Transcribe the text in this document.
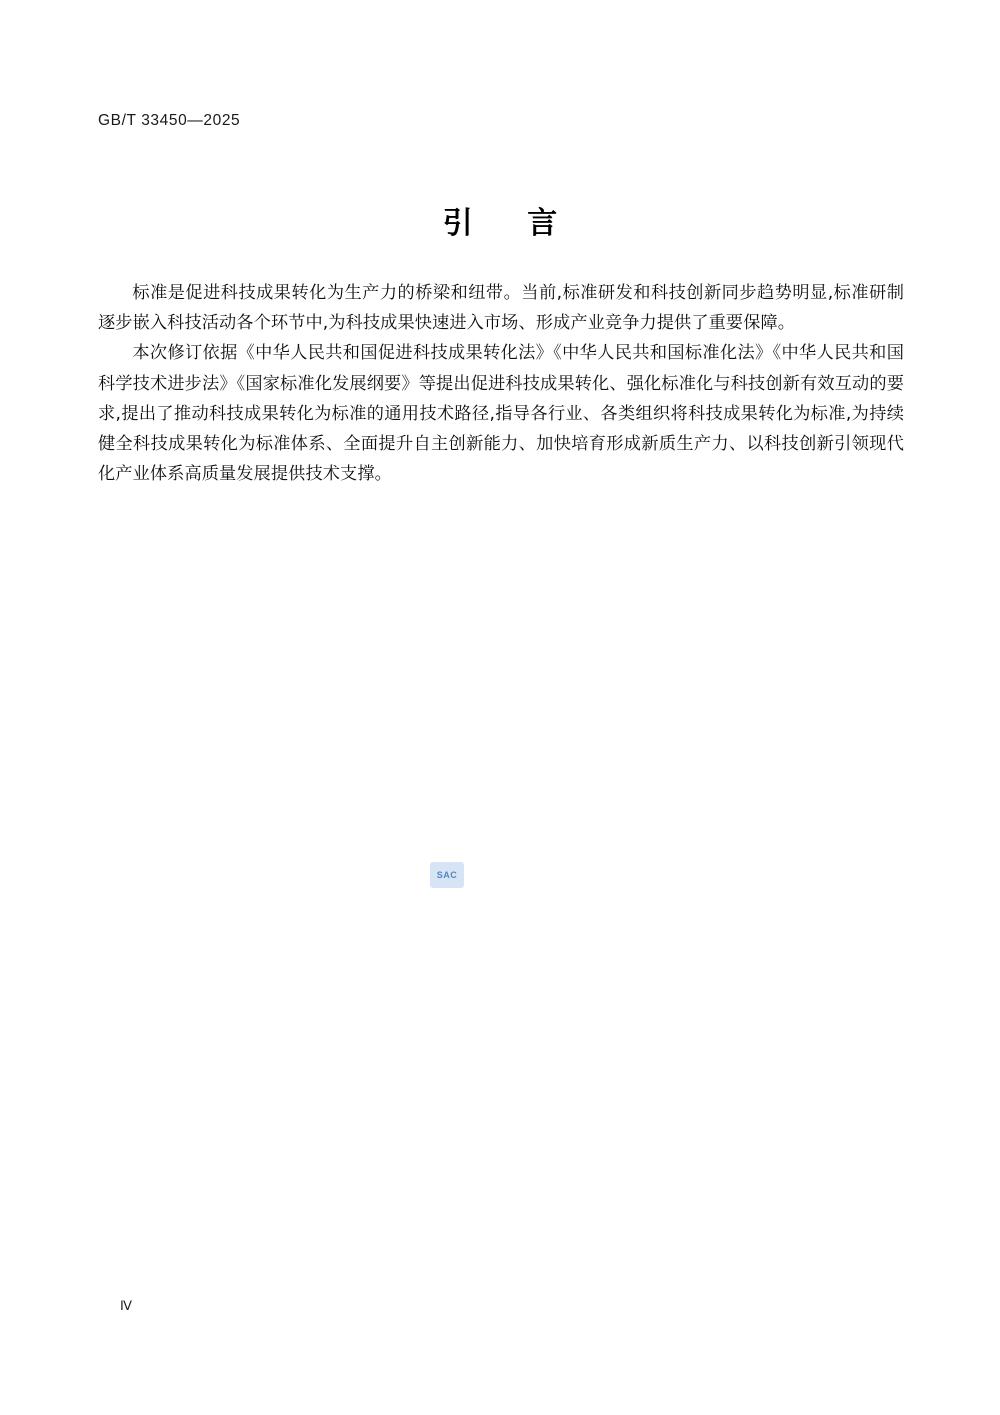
GB/T 33450—2025
引 言

标准是促进科技成果转化为生产力的桥梁和纽带。当前,标准研发和科技创新同步趋势明显,标准研制逐步嵌入科技活动各个环节中,为科技成果快速进入市场、形成产业竞争力提供了重要保障。

本次修订依据《中华人民共和国促进科技成果转化法》《中华人民共和国标准化法》《中华人民共和国科学技术进步法》《国家标准化发展纲要》等提出促进科技成果转化、强化标准化与科技创新有效互动的要求,提出了推动科技成果转化为标准的通用技术路径,指导各行业、各类组织将科技成果转化为标准,为持续健全科技成果转化为标准体系、全面提升自主创新能力、加快培育形成新质生产力、以科技创新引领现代化产业体系高质量发展提供技术支撑。

SAC
Ⅳ
